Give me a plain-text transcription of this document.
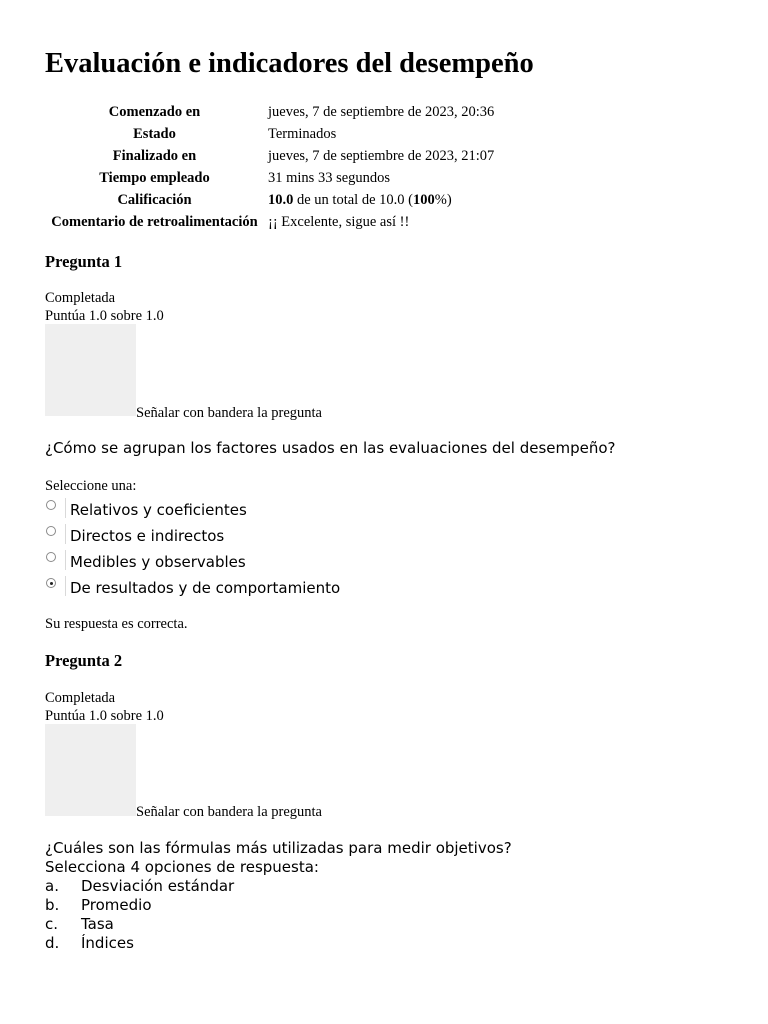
Evaluación e indicadores del desempeño
Comenzado en	jueves, 7 de septiembre de 2023, 20:36
Estado	Terminados
Finalizado en	jueves, 7 de septiembre de 2023, 21:07
Tiempo empleado	31 mins 33 segundos
Calificación	10.0 de un total de 10.0 (100%)
Comentario de retroalimentación	¡¡ Excelente, sigue así !!
Pregunta 1
Completada
Puntúa 1.0 sobre 1.0
Señalar con bandera la pregunta
¿Cómo se agrupan los factores usados en las evaluaciones del desempeño?
Seleccione una:
Relativos y coeficientes
Directos e indirectos
Medibles y observables
De resultados y de comportamiento
Su respuesta es correcta.
Pregunta 2
Completada
Puntúa 1.0 sobre 1.0
Señalar con bandera la pregunta
¿Cuáles son las fórmulas más utilizadas para medir objetivos?
Selecciona 4 opciones de respuesta:
a. Desviación estándar
b. Promedio
c. Tasa
d. Índices
